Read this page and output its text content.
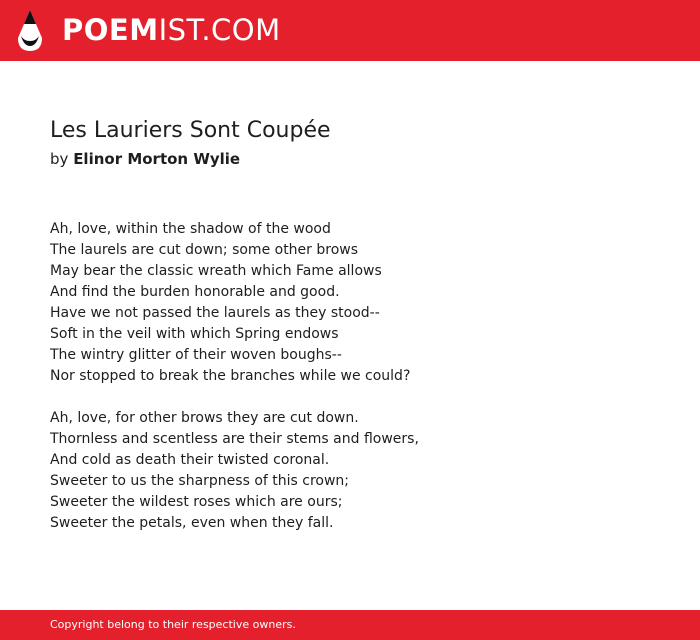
POEMIST.COM
Les Lauriers Sont Coupée
by Elinor Morton Wylie
Ah, love, within the shadow of the wood
The laurels are cut down; some other brows
May bear the classic wreath which Fame allows
And find the burden honorable and good.
Have we not passed the laurels as they stood--
Soft in the veil with which Spring endows
The wintry glitter of their woven boughs--
Nor stopped to break the branches while we could?
Ah, love, for other brows they are cut down.
Thornless and scentless are their stems and flowers,
And cold as death their twisted coronal.
Sweeter to us the sharpness of this crown;
Sweeter the wildest roses which are ours;
Sweeter the petals, even when they fall.
Copyright belong to their respective owners.
